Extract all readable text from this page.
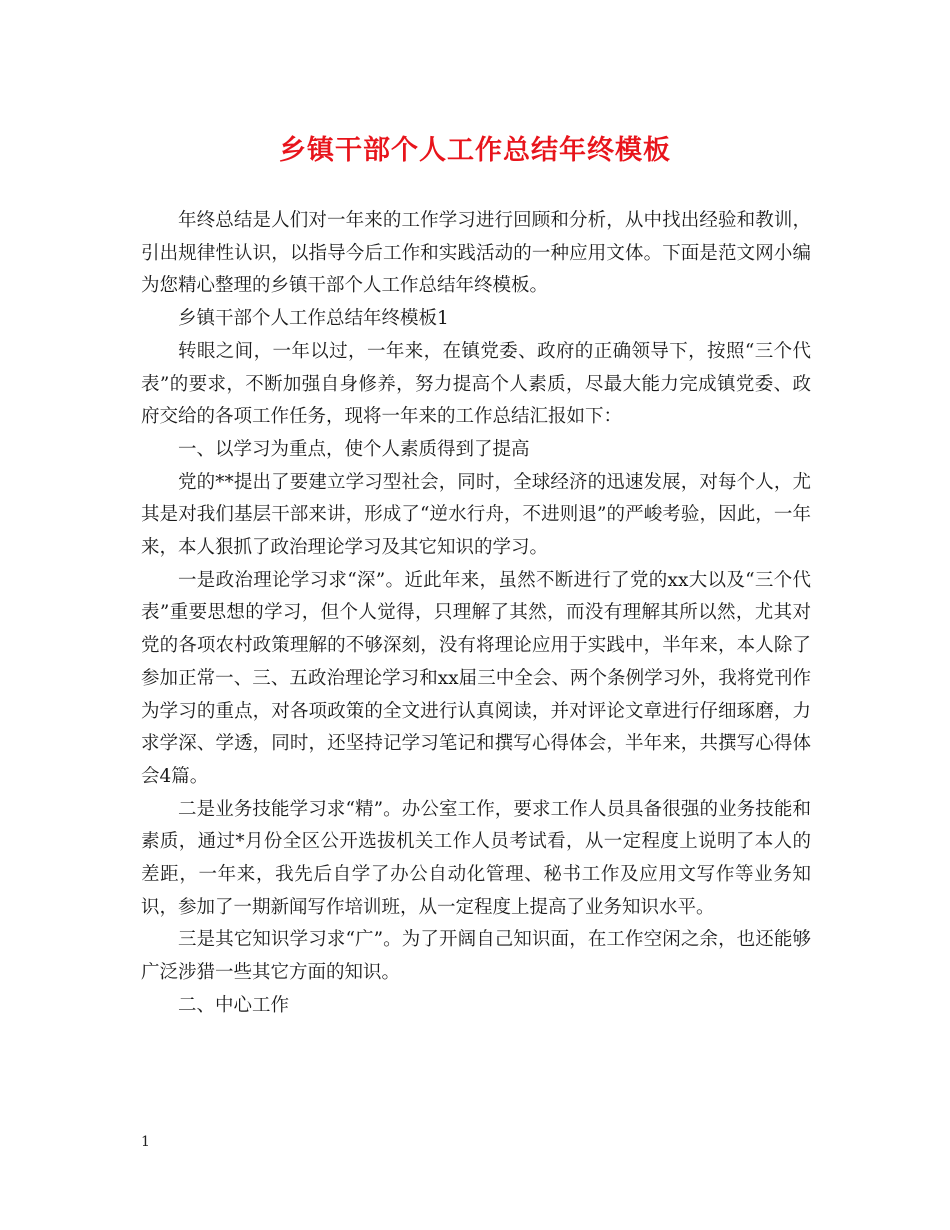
乡镇干部个人工作总结年终模板

年终总结是人们对一年来的工作学习进行回顾和分析，从中找出经验和教训，引出规律性认识，以指导今后工作和实践活动的一种应用文体。下面是范文网小编为您精心整理的乡镇干部个人工作总结年终模板。

乡镇干部个人工作总结年终模板1

转眼之间，一年以过，一年来，在镇党委、政府的正确领导下，按照“三个代表”的要求，不断加强自身修养，努力提高个人素质，尽最大能力完成镇党委、政府交给的各项工作任务，现将一年来的工作总结汇报如下：

一、以学习为重点，使个人素质得到了提高

党的**提出了要建立学习型社会，同时，全球经济的迅速发展，对每个人，尤其是对我们基层干部来讲，形成了“逆水行舟，不进则退”的严峻考验，因此，一年来，本人狠抓了政治理论学习及其它知识的学习。

一是政治理论学习求“深”。近此年来，虽然不断进行了党的xx大以及“三个代表”重要思想的学习，但个人觉得，只理解了其然，而没有理解其所以然，尤其对党的各项农村政策理解的不够深刻，没有将理论应用于实践中，半年来，本人除了参加正常一、三、五政治理论学习和xx届三中全会、两个条例学习外，我将党刊作为学习的重点，对各项政策的全文进行认真阅读，并对评论文章进行仔细琢磨，力求学深、学透，同时，还坚持记学习笔记和撰写心得体会，半年来，共撰写心得体会4篇。

二是业务技能学习求“精”。办公室工作，要求工作人员具备很强的业务技能和素质，通过*月份全区公开选拔机关工作人员考试看，从一定程度上说明了本人的差距，一年来，我先后自学了办公自动化管理、秘书工作及应用文写作等业务知识，参加了一期新闻写作培训班，从一定程度上提高了业务知识水平。

三是其它知识学习求“广”。为了开阔自己知识面，在工作空闲之余，也还能够广泛涉猎一些其它方面的知识。

二、中心工作

1
